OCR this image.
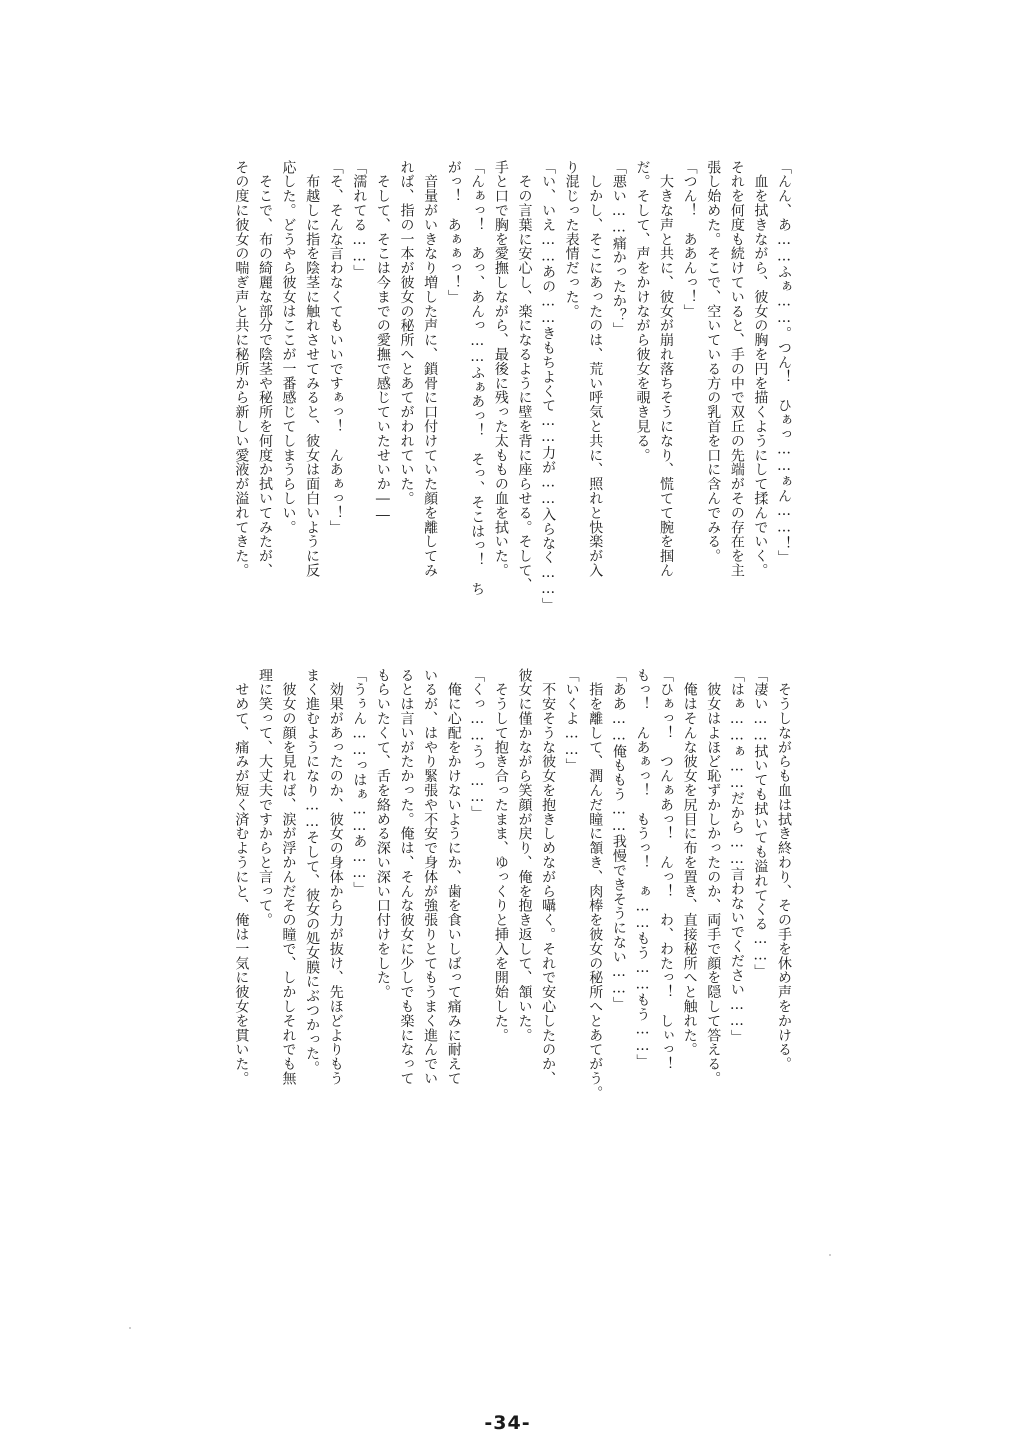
「んん、あ……ふぁ……。つん！　ひぁっ……ぁん……！」
　血を拭きながら、彼女の胸を円を描くようにして揉んでいく。
それを何度も続けていると、手の中で双丘の先端がその存在を主
張し始めた。そこで、空いている方の乳首を口に含んでみる。
「つん！　ああんっ！」
　大きな声と共に、彼女が崩れ落ちそうになり、慌てて腕を掴ん
だ。そして、声をかけながら彼女を覗き見る。
「悪い……痛かったか？」
　しかし、そこにあったのは、荒い呼気と共に、照れと快楽が入
り混じった表情だった。
「い、いえ……あの……きもちよくて……力が……入らなく……」
　その言葉に安心し、楽になるように壁を背に座らせる。そして、
手と口で胸を愛撫しながら、最後に残った太ももの血を拭いた。
「んぁっ！　あっ、あんっ……ふぁあっ！　そっ、そこはっ！　ち
がっ！　あぁぁっ！」
　音量がいきなり増した声に、鎖骨に口付けていた顔を離してみ
れば、指の一本が彼女の秘所へとあてがわれていた。
　そして、そこは今までの愛撫で感じていたせいか――
「濡れてる……」
「そ、そんな言わなくてもいいですぁっ！　んあぁっ！」
　布越しに指を陰茎に触れさせてみると、彼女は面白いように反
応した。どうやら彼女はここが一番感じてしまうらしい。
　そこで、布の綺麗な部分で陰茎や秘所を何度か拭いてみたが、
その度に彼女の喘ぎ声と共に秘所から新しい愛液が溢れてきた。
　そうしながらも血は拭き終わり、その手を休め声をかける。
「凄い……拭いても拭いても溢れてくる……」
「はぁ……ぁ……だから……言わないでください……」
　彼女はよほど恥ずかしかったのか、両手で顔を隠して答える。
　俺はそんな彼女を尻目に布を置き、直接秘所へと触れた。
「ひぁっ！　つんぁあっ！　んっ！　わ、わたっ！　しぃっ！
もっ！　んあぁっ！　もうっ！　ぁ……もう……もう……」
「ああ……俺ももう……我慢できそうにない……」
　指を離して、潤んだ瞳に頷き、肉棒を彼女の秘所へとあてがう。
「いくよ……」
　不安そうな彼女を抱きしめながら囁く。それで安心したのか、
彼女に僅かながら笑顔が戻り、俺を抱き返して、頷いた。
　そうして抱き合ったまま、ゆっくりと挿入を開始した。
「くっ……うっ……」
　俺に心配をかけないようにか、歯を食いしばって痛みに耐えて
いるが、はやり緊張や不安で身体が強張りとてもうまく進んでい
るとは言いがたかった。俺は、そんな彼女に少しでも楽になって
もらいたくて、舌を絡める深い深い口付けをした。
「うぅん……っはぁ……あ……」
　効果があったのか、彼女の身体から力が抜け、先ほどよりもう
まく進むようになり……そして、彼女の処女膜にぶつかった。
　彼女の顔を見れば、涙が浮かんだその瞳で、しかしそれでも無
理に笑って、大丈夫ですからと言って。
　せめて、痛みが短く済むようにと、俺は一気に彼女を貫いた。
-34-
